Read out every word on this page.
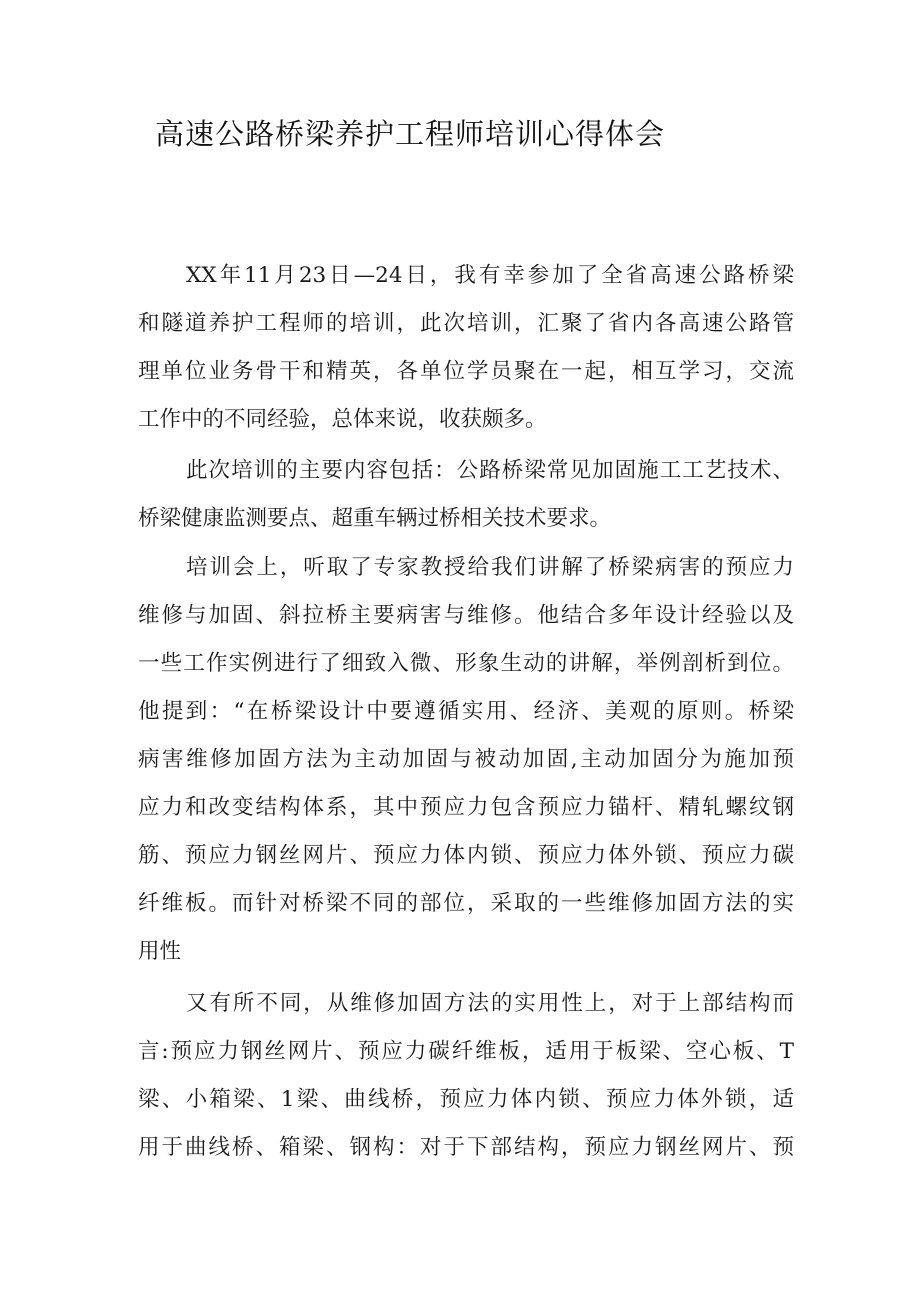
高速公路桥梁养护工程师培训心得体会
XX年11月23日—24日，我有幸参加了全省高速公路桥梁
和隧道养护工程师的培训，此次培训，汇聚了省内各高速公路管
理单位业务骨干和精英，各单位学员聚在一起，相互学习，交流
工作中的不同经验，总体来说，收获颇多。
此次培训的主要内容包括：公路桥梁常见加固施工工艺技术、
桥梁健康监测要点、超重车辆过桥相关技术要求。
培训会上，听取了专家教授给我们讲解了桥梁病害的预应力
维修与加固、斜拉桥主要病害与维修。他结合多年设计经验以及
一些工作实例进行了细致入微、形象生动的讲解，举例剖析到位。
他提到：“在桥梁设计中要遵循实用、经济、美观的原则。桥梁
病害维修加固方法为主动加固与被动加固,主动加固分为施加预
应力和改变结构体系，其中预应力包含预应力锚杆、精轧螺纹钢
筋、预应力钢丝网片、预应力体内锁、预应力体外锁、预应力碳
纤维板。而针对桥梁不同的部位，采取的一些维修加固方法的实
用性
又有所不同，从维修加固方法的实用性上，对于上部结构而
言:预应力钢丝网片、预应力碳纤维板，适用于板梁、空心板、T
梁、小箱梁、1梁、曲线桥，预应力体内锁、预应力体外锁，适
用于曲线桥、箱梁、钢构：对于下部结构，预应力钢丝网片、预
